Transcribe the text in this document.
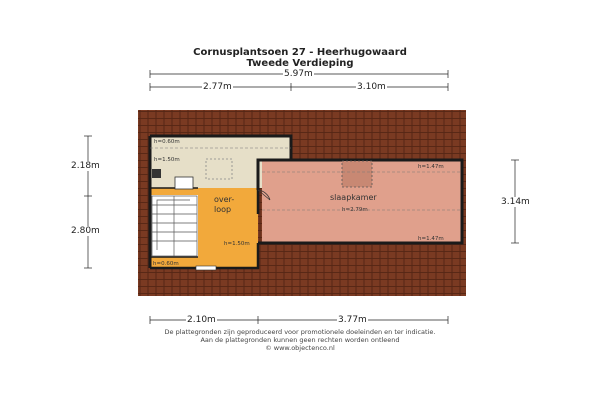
Cornusplantsoen 27 - Heerhugowaard
Tweede Verdieping
5.97m
2.77m	3.10m
2.18m
2.80m
3.14m
2.10m	3.77m
over-
loop
slaapkamer
h=0.60m
h=1.50m
h=1.50m
h=0.60m
h=1.47m
h=2.79m
h=1.47m
De plattegronden zijn geproduceerd voor promotionele doeleinden en ter indicatie.
Aan de plattegronden kunnen geen rechten worden ontleend
© www.objectenco.nl
